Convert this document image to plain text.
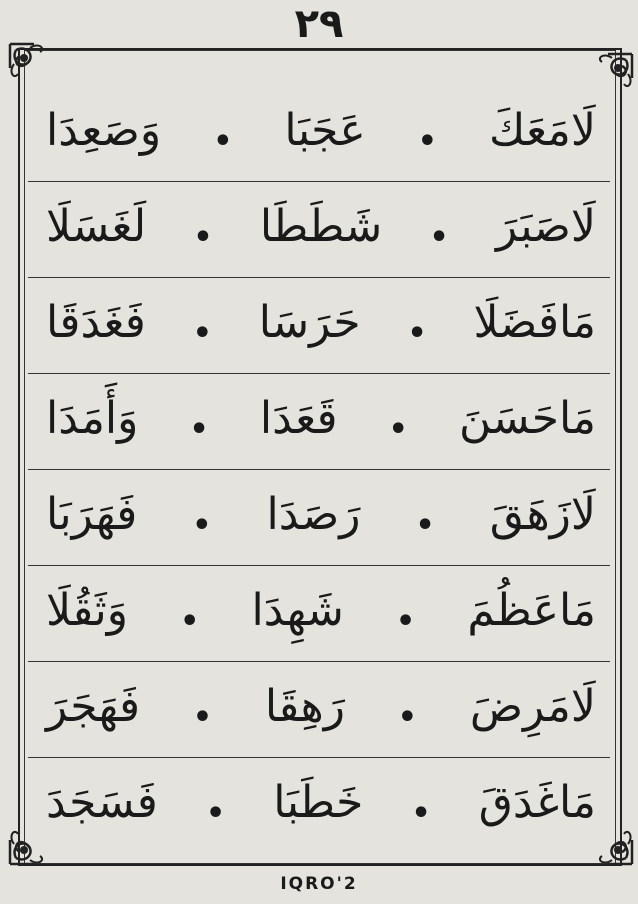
٢٩
لَامَعَكَ
•
عَجَبَا
•
وَصَعِدَا
لَاصَبَرَ
•
شَطَطَا
•
لَغَسَلَا
مَافَضَلَا
•
حَرَسَا
•
فَغَدَقَا
مَاحَسَنَ
•
قَعَدَا
•
وَأَمَدَا
لَازَهَقَ
•
رَصَدَا
•
فَهَرَبَا
مَاعَظُمَ
•
شَهِدَا
•
وَثَقُلَا
لَامَرِضَ
•
رَهِقَا
•
فَهَجَرَ
مَاغَدَقَ
•
خَطَبَا
•
فَسَجَدَ
IQRO'2
